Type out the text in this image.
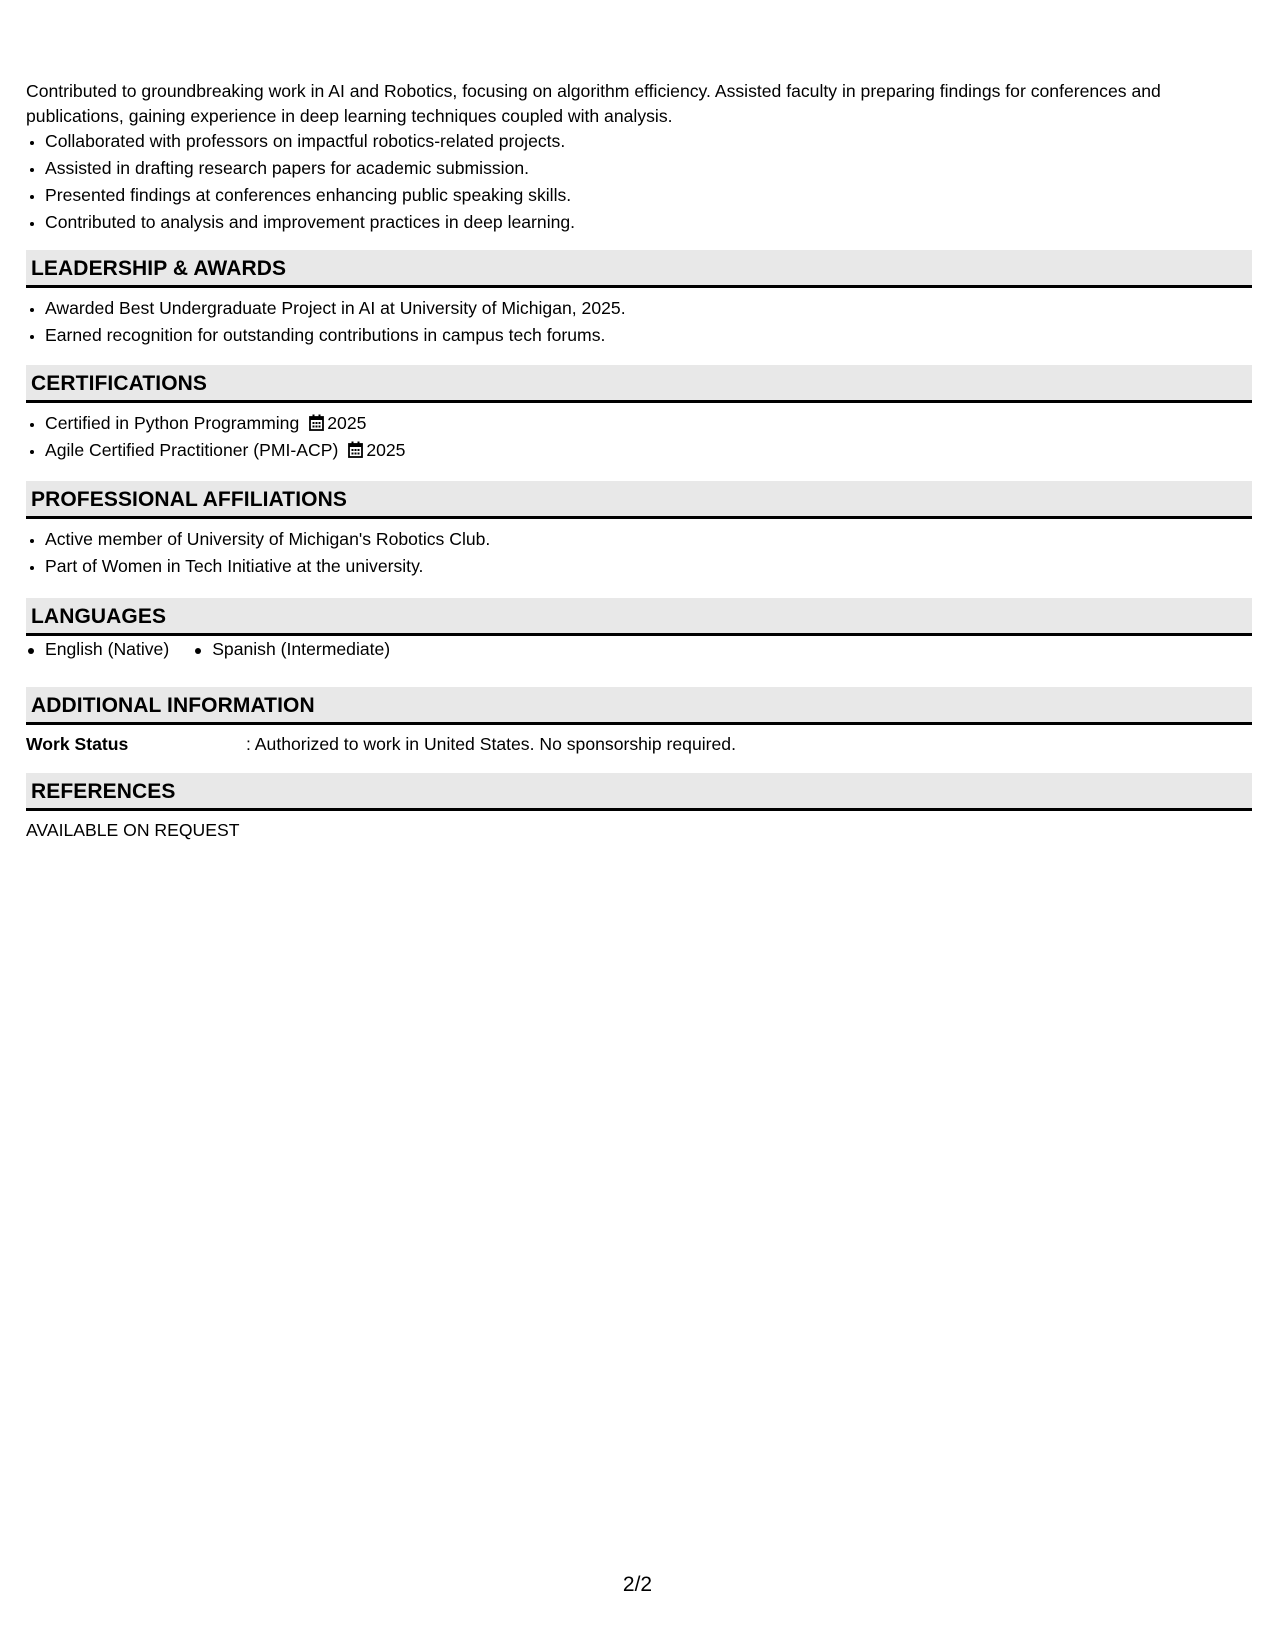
Contributed to groundbreaking work in AI and Robotics, focusing on algorithm efficiency. Assisted faculty in preparing findings for conferences and publications, gaining experience in deep learning techniques coupled with analysis.
• Collaborated with professors on impactful robotics-related projects.
• Assisted in drafting research papers for academic submission.
• Presented findings at conferences enhancing public speaking skills.
• Contributed to analysis and improvement practices in deep learning.
LEADERSHIP & AWARDS
• Awarded Best Undergraduate Project in AI at University of Michigan, 2025.
• Earned recognition for outstanding contributions in campus tech forums.
CERTIFICATIONS
• Certified in Python Programming 2025
• Agile Certified Practitioner (PMI-ACP) 2025
PROFESSIONAL AFFILIATIONS
• Active member of University of Michigan's Robotics Club.
• Part of Women in Tech Initiative at the university.
LANGUAGES
English (Native)	Spanish (Intermediate)
ADDITIONAL INFORMATION
Work Status	: Authorized to work in United States. No sponsorship required.
REFERENCES
AVAILABLE ON REQUEST
2/2
